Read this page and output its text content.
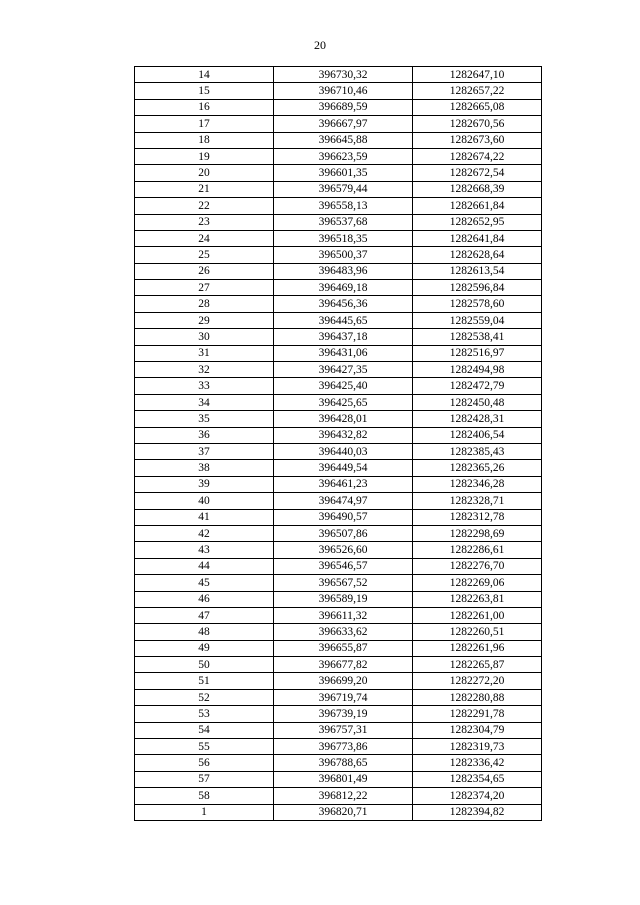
20
14	396730,32	1282647,10
15	396710,46	1282657,22
16	396689,59	1282665,08
17	396667,97	1282670,56
18	396645,88	1282673,60
19	396623,59	1282674,22
20	396601,35	1282672,54
21	396579,44	1282668,39
22	396558,13	1282661,84
23	396537,68	1282652,95
24	396518,35	1282641,84
25	396500,37	1282628,64
26	396483,96	1282613,54
27	396469,18	1282596,84
28	396456,36	1282578,60
29	396445,65	1282559,04
30	396437,18	1282538,41
31	396431,06	1282516,97
32	396427,35	1282494,98
33	396425,40	1282472,79
34	396425,65	1282450,48
35	396428,01	1282428,31
36	396432,82	1282406,54
37	396440,03	1282385,43
38	396449,54	1282365,26
39	396461,23	1282346,28
40	396474,97	1282328,71
41	396490,57	1282312,78
42	396507,86	1282298,69
43	396526,60	1282286,61
44	396546,57	1282276,70
45	396567,52	1282269,06
46	396589,19	1282263,81
47	396611,32	1282261,00
48	396633,62	1282260,51
49	396655,87	1282261,96
50	396677,82	1282265,87
51	396699,20	1282272,20
52	396719,74	1282280,88
53	396739,19	1282291,78
54	396757,31	1282304,79
55	396773,86	1282319,73
56	396788,65	1282336,42
57	396801,49	1282354,65
58	396812,22	1282374,20
1	396820,71	1282394,82
